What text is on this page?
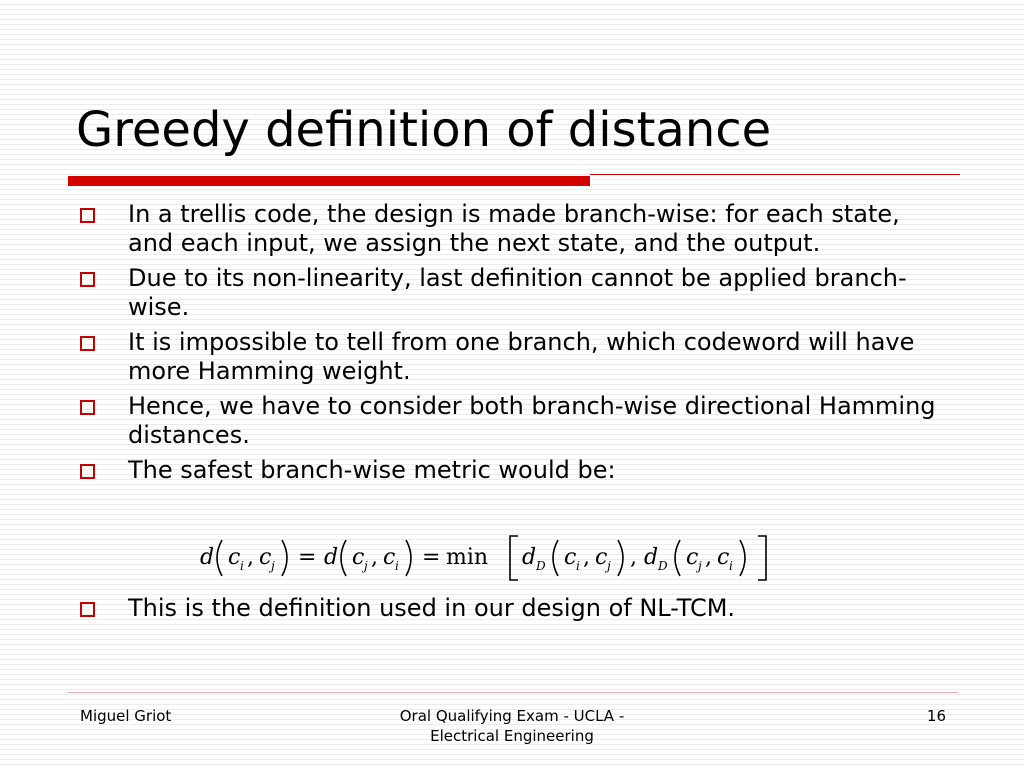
Greedy definition of distance
In a trellis code, the design is made branch-wise: for each state, and each input, we assign the next state, and the output.
Due to its non-linearity, last definition cannot be applied branch-wise.
It is impossible to tell from one branch, which codeword will have more Hamming weight.
Hence, we have to consider both branch-wise directional Hamming distances.
The safest branch-wise metric would be:
d c i , c j = d c j , c i = min d D c i , c j , d D c j , c i
This is the definition used in our design of NL-TCM.
Miguel Griot	Oral Qualifying Exam - UCLA -
Electrical Engineering
16
